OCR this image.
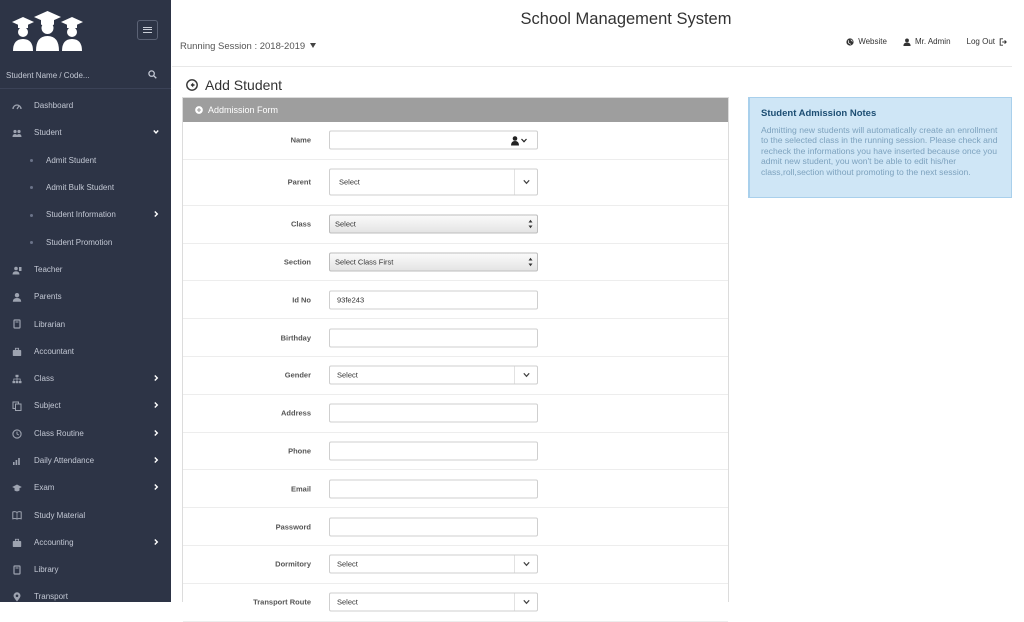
Student Name / Code...
Dashboard
Student
Admit Student
Admit Bulk Student
Student Information
Student Promotion
Teacher
Parents
Librarian
Accountant
Class
Subject
Class Routine
Daily Attendance
Exam
Study Material
Accounting
Library
Transport
School Management System
Running Session : 2018-2019	Website	Mr. Admin Log Out
Add Student
Addmission Form
Name
Parent	Select
Class	Select
Section	Select Class First
Id No	93fe243
Birthday
Gender	Select
Address
Phone
Email
Password
Dormitory	Select
Transport Route	Select
Student Admission Notes
Admitting new students will automatically create an enrollment to the selected class in the running session. Please check and recheck the informations you have inserted because once you admit new student, you won't be able to edit his/her class,roll,section without promoting to the next session.
